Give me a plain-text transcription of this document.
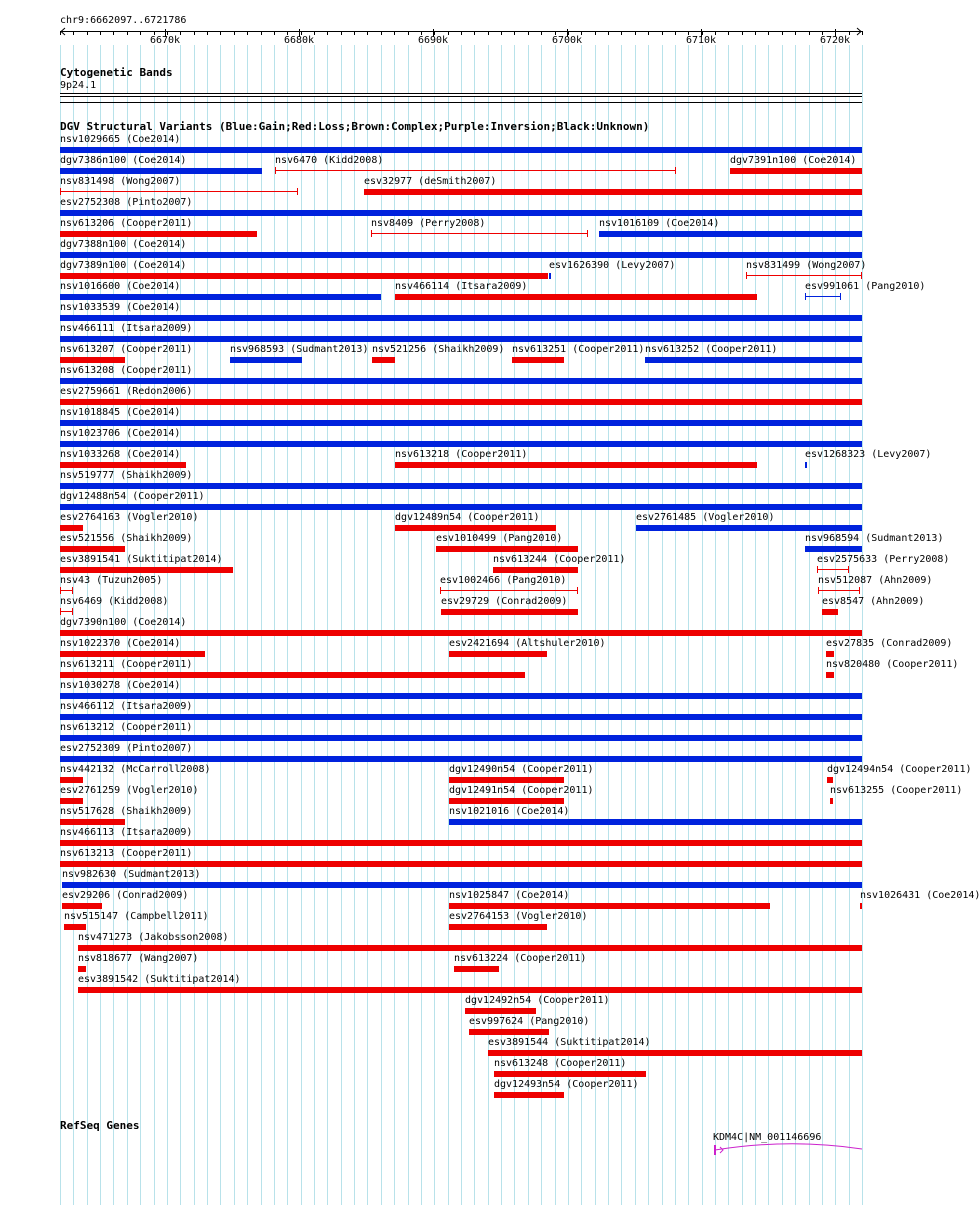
chr9:6662097..6721786
6670k	6680k	6690k	6700k	6710k	6720k
Cytogenetic Bands
9p24.1
DGV Structural Variants (Blue:Gain;Red:Loss;Brown:Complex;Purple:Inversion;Black:Unknown)
nsv1029665 (Coe2014)
dgv7386n100 (Coe2014)	nsv6470 (Kidd2008)	dgv7391n100 (Coe2014)
nsv831498 (Wong2007)	esv32977 (deSmith2007)
esv2752308 (Pinto2007)
nsv613206 (Cooper2011)	nsv8409 (Perry2008)	nsv1016109 (Coe2014)
dgv7388n100 (Coe2014)
dgv7389n100 (Coe2014)	esv1626390 (Levy2007)	nsv831499 (Wong2007)
nsv1016600 (Coe2014)	nsv466114 (Itsara2009)	esv991061 (Pang2010)
nsv1033539 (Coe2014)
nsv466111 (Itsara2009)
nsv613207 (Cooper2011)	nsv968593 (Sudmant2013) nsv521256 (Shaikh2009) nsv613251 (Cooper2011) nsv613252 (Cooper2011)
nsv613208 (Cooper2011)
esv2759661 (Redon2006)
nsv1018845 (Coe2014)
nsv1023706 (Coe2014)
nsv1033268 (Coe2014)	nsv613218 (Cooper2011)	esv1268323 (Levy2007)
nsv519777 (Shaikh2009)
dgv12488n54 (Cooper2011)
esv2764163 (Vogler2010)	dgv12489n54 (Cooper2011)	esv2761485 (Vogler2010)
esv521556 (Shaikh2009)	esv1010499 (Pang2010)	nsv968594 (Sudmant2013)
esv3891541 (Suktitipat2014)	nsv613244 (Cooper2011)	esv2575633 (Perry2008)
nsv43 (Tuzun2005)	esv1002466 (Pang2010)	nsv512087 (Ahn2009)
nsv6469 (Kidd2008)	esv29729 (Conrad2009)	esv8547 (Ahn2009)
dgv7390n100 (Coe2014)
nsv1022370 (Coe2014)	esv2421694 (Altshuler2010)	esv27835 (Conrad2009)
nsv613211 (Cooper2011)	nsv820480 (Cooper2011)
nsv1030278 (Coe2014)
nsv466112 (Itsara2009)
nsv613212 (Cooper2011)
esv2752309 (Pinto2007)
nsv442132 (McCarroll2008)	dgv12490n54 (Cooper2011)	dgv12494n54 (Cooper2011)
esv2761259 (Vogler2010)	dgv12491n54 (Cooper2011)	nsv613255 (Cooper2011)
nsv517628 (Shaikh2009)	nsv1021016 (Coe2014)
nsv466113 (Itsara2009)
nsv613213 (Cooper2011)
nsv982630 (Sudmant2013)
esv29206 (Conrad2009)	nsv1025847 (Coe2014)	nsv1026431 (Coe2014)
nsv515147 (Campbell2011)	esv2764153 (Vogler2010)
nsv471273 (Jakobsson2008)
nsv818677 (Wang2007)	nsv613224 (Cooper2011)
esv3891542 (Suktitipat2014)
dgv12492n54 (Cooper2011)
esv997624 (Pang2010)
esv3891544 (Suktitipat2014)
nsv613248 (Cooper2011)
dgv12493n54 (Cooper2011)
RefSeq Genes
KDM4C|NM_001146696
